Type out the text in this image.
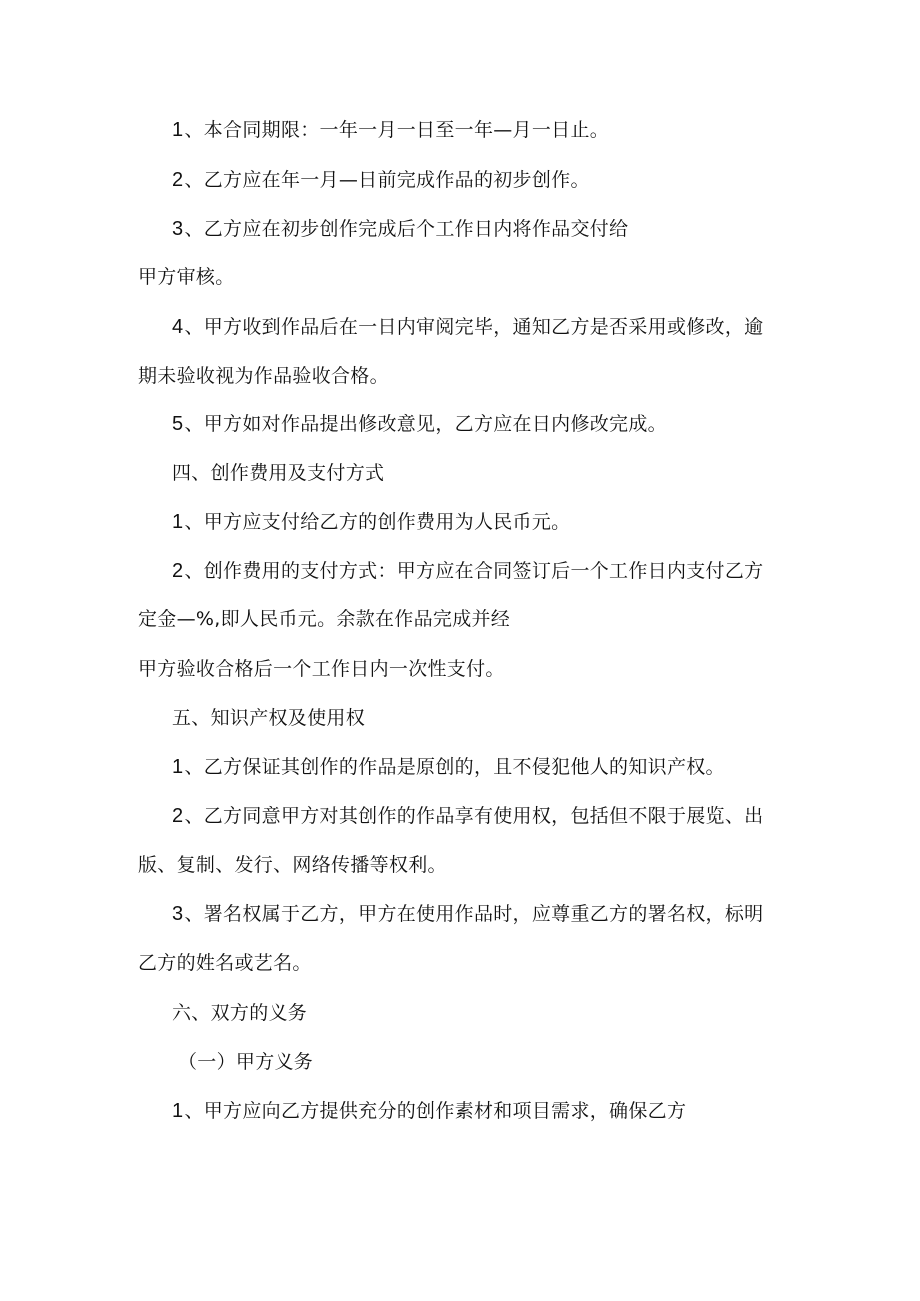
1、本合同期限：一年一月一日至一年—月一日止。
2、乙方应在年一月—日前完成作品的初步创作。
3、乙方应在初步创作完成后个工作日内将作品交付给
甲方审核。
4、甲方收到作品后在一日内审阅完毕，通知乙方是否采用或修改，逾
期未验收视为作品验收合格。
5、甲方如对作品提出修改意见，乙方应在日内修改完成。
四、创作费用及支付方式
1、甲方应支付给乙方的创作费用为人民币元。
2、创作费用的支付方式：甲方应在合同签订后一个工作日内支付乙方
定金—%,即人民币元。余款在作品完成并经
甲方验收合格后一个工作日内一次性支付。
五、知识产权及使用权
1、乙方保证其创作的作品是原创的，且不侵犯他人的知识产权。
2、乙方同意甲方对其创作的作品享有使用权，包括但不限于展览、出
版、复制、发行、网络传播等权利。
3、署名权属于乙方，甲方在使用作品时，应尊重乙方的署名权，标明
乙方的姓名或艺名。
六、双方的义务
（一）甲方义务
1、甲方应向乙方提供充分的创作素材和项目需求，确保乙方
